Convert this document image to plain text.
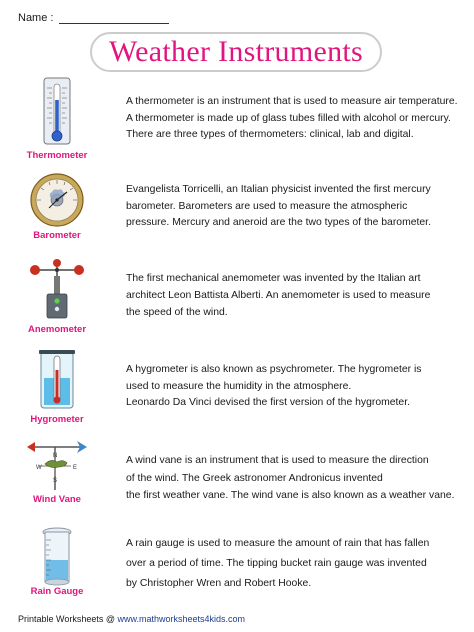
Name :
Weather Instruments
Thermometer
A thermometer is an instrument that is used to measure air temperature.
A thermometer is made up of glass tubes filled with alcohol or mercury.
There are three types of thermometers: clinical, lab and digital.
Barometer
Evangelista Torricelli, an Italian physicist invented the first mercury
barometer. Barometers are used to measure the atmospheric
pressure. Mercury and aneroid are the two types of the barometer.
Anemometer
The first mechanical anemometer was invented by the Italian art
architect Leon Battista Alberti. An anemometer is used to measure
the speed of the wind.
Hygrometer
A hygrometer is also known as psychrometer. The hygrometer is
used to measure the humidity in the atmosphere.
Leonardo Da Vinci devised the first version of the hygrometer.
W	E
N
S
Wind Vane
A wind vane is an instrument that is used to measure the direction
of the wind. The Greek astronomer Andronicus invented
the first weather vane. The wind vane is also known as a weather vane.
Rain Gauge
A rain gauge is used to measure the amount of rain that has fallen
over a period of time. The tipping bucket rain gauge was invented
by Christopher Wren and Robert Hooke.
Printable Worksheets @ www.mathworksheets4kids.com
